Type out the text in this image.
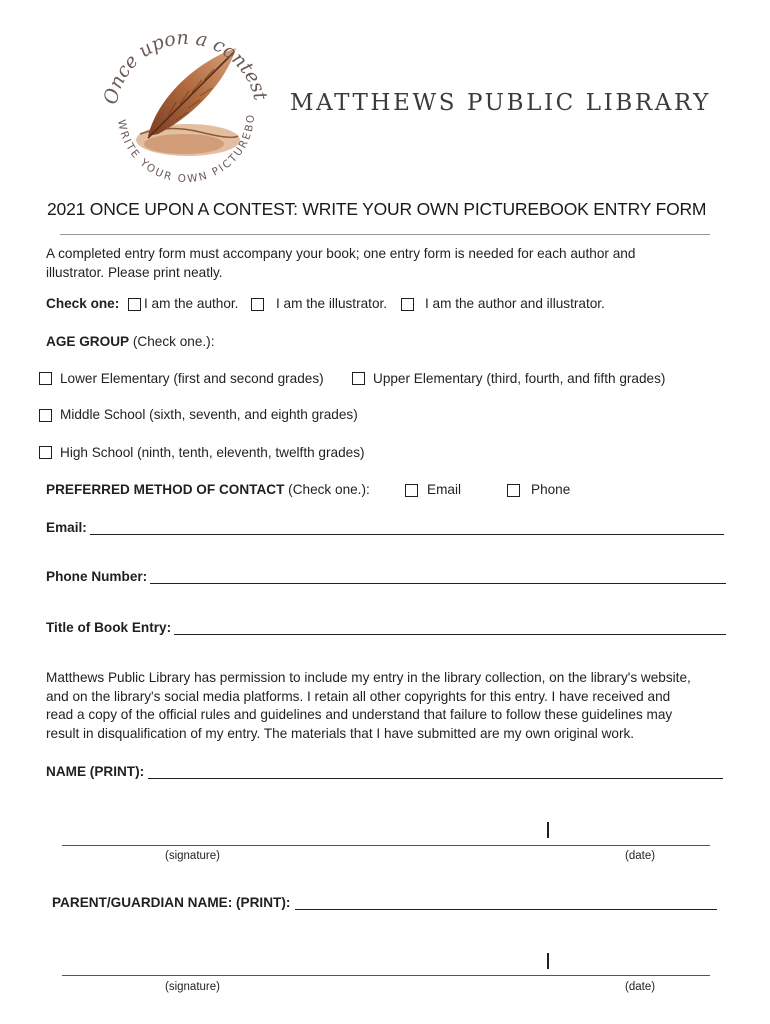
Once upon a contest
WRITE YOUR OWN PICTUREBO
MATTHEWS PUBLIC LIBRARY
2021 ONCE UPON A CONTEST: WRITE YOUR OWN PICTUREBOOK ENTRY FORM
A completed entry form must accompany your book; one entry form is needed for each author and
illustrator. Please print neatly.
Check one: I am the author.	I am the illustrator.	I am the author and illustrator.
AGE GROUP (Check one.):
Lower Elementary (first and second grades)	Upper Elementary (third, fourth, and fifth grades)
Middle School (sixth, seventh, and eighth grades)
High School (ninth, tenth, eleventh, twelfth grades)
PREFERRED METHOD OF CONTACT (Check one.):	Email	Phone
Email:
Phone Number:
Title of Book Entry:
Matthews Public Library has permission to include my entry in the library collection, on the library's website,
and on the library's social media platforms. I retain all other copyrights for this entry. I have received and
read a copy of the official rules and guidelines and understand that failure to follow these guidelines may
result in disqualification of my entry. The materials that I have submitted are my own original work.
NAME (PRINT):
(signature)	(date)
PARENT/GUARDIAN NAME: (PRINT):
(signature)	(date)
